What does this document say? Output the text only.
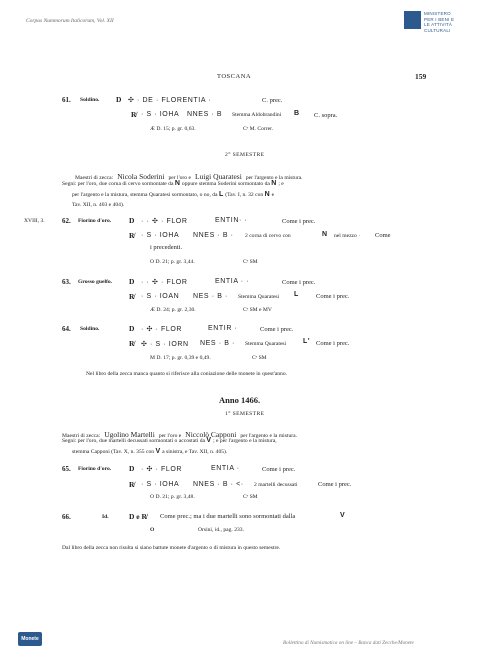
Corpus Nummorum Italicorum, Vol. XII
MINISTERO
PER I BENI E
LE ATTIVITÀ
CULTURALI
TOSCANA	159
61. Soldino. D ✣ · DE · FLORENTIA ·	C. prec.
R̸ · S · IOHA NNES · B Stemma Aldobrandini B C. sopra.
Æ D. 15; p. gr. 0,63.	Cᵉ M. Correr.
2° SEMESTRE
Maestri di zecca: Nicola Soderini per l'oro e Luigi Quaratesi per l'argento e la mistura.
Segni: per l'oro, due corna di cervo sormontate da N oppure stemma Soderini sormontato da N ; e
per l'argento e la mistura, stemma Quaratesi sormontato, o no, da L (Tav. I, n. 32 con N e
Tav. XII, n. 403 e 404).
XVIII, 3. 62. Fiorino d'oro. D · · ✣ · FLOR	ENTIN· ·	Come i prec.
R̸ · S · IOHA NNES · B · 2 corna di cervo con	N nel mezzo · Come
i precedenti.
O D. 21; p. gr. 3,44.	Cᵉ SM
63. Grosso guelfo. D · · ✣ · FLOR	ENTIA · ·	Come i prec.
R̸ · S · IOAN NES · B · Stemma Quaratesi L	Come i prec.
Æ D. 24; p. gr. 2,30.	Cᵉ SM e MV
64. Soldino.	D · ✣ · FLOR	ENTIR ·	Come i prec.
R̸ ✣ · S · IORN NES · B · Stemma Quaratesi L' Come i prec.
M D. 17; p. gr. 0,39 e 0,49.	Cᵉ SM
Nel libro della zecca manca quanto si riferisce alla coniazione delle monete in quest'anno.
Anno 1466.
1° SEMESTRE
Maestri di zecca: Ugolino Martelli per l'oro e Niccolò Capponi per l'argento e la mistura.
Segni: per l'oro, due martelli decussati sormontati o accostati da V ; e per l'argento e la mistura,
stemma Capponi (Tav. X, n. 355 con V a sinistra, e Tav. XII, n. 405).
65. Fiorino d'oro. D · ✣ · FLOR	ENTIA ·	Come i prec.
R̸ · S · IOHA NNES · B · <· 2 martelli decussati	Come i prec.
O D. 21; p. gr. 3,48.	Cᵉ SM
66.	Id.	D e R̸ Come prec.; ma i due martelli sono sormontati dalla	V
O	Orsini, id., pag. 233.
Dal libro della zecca non risulta si siano battute monete d'argento o di mistura in questo semestre.
Monete
Bollettino di Numismatica on line – Banca dati Zecche/Monete
